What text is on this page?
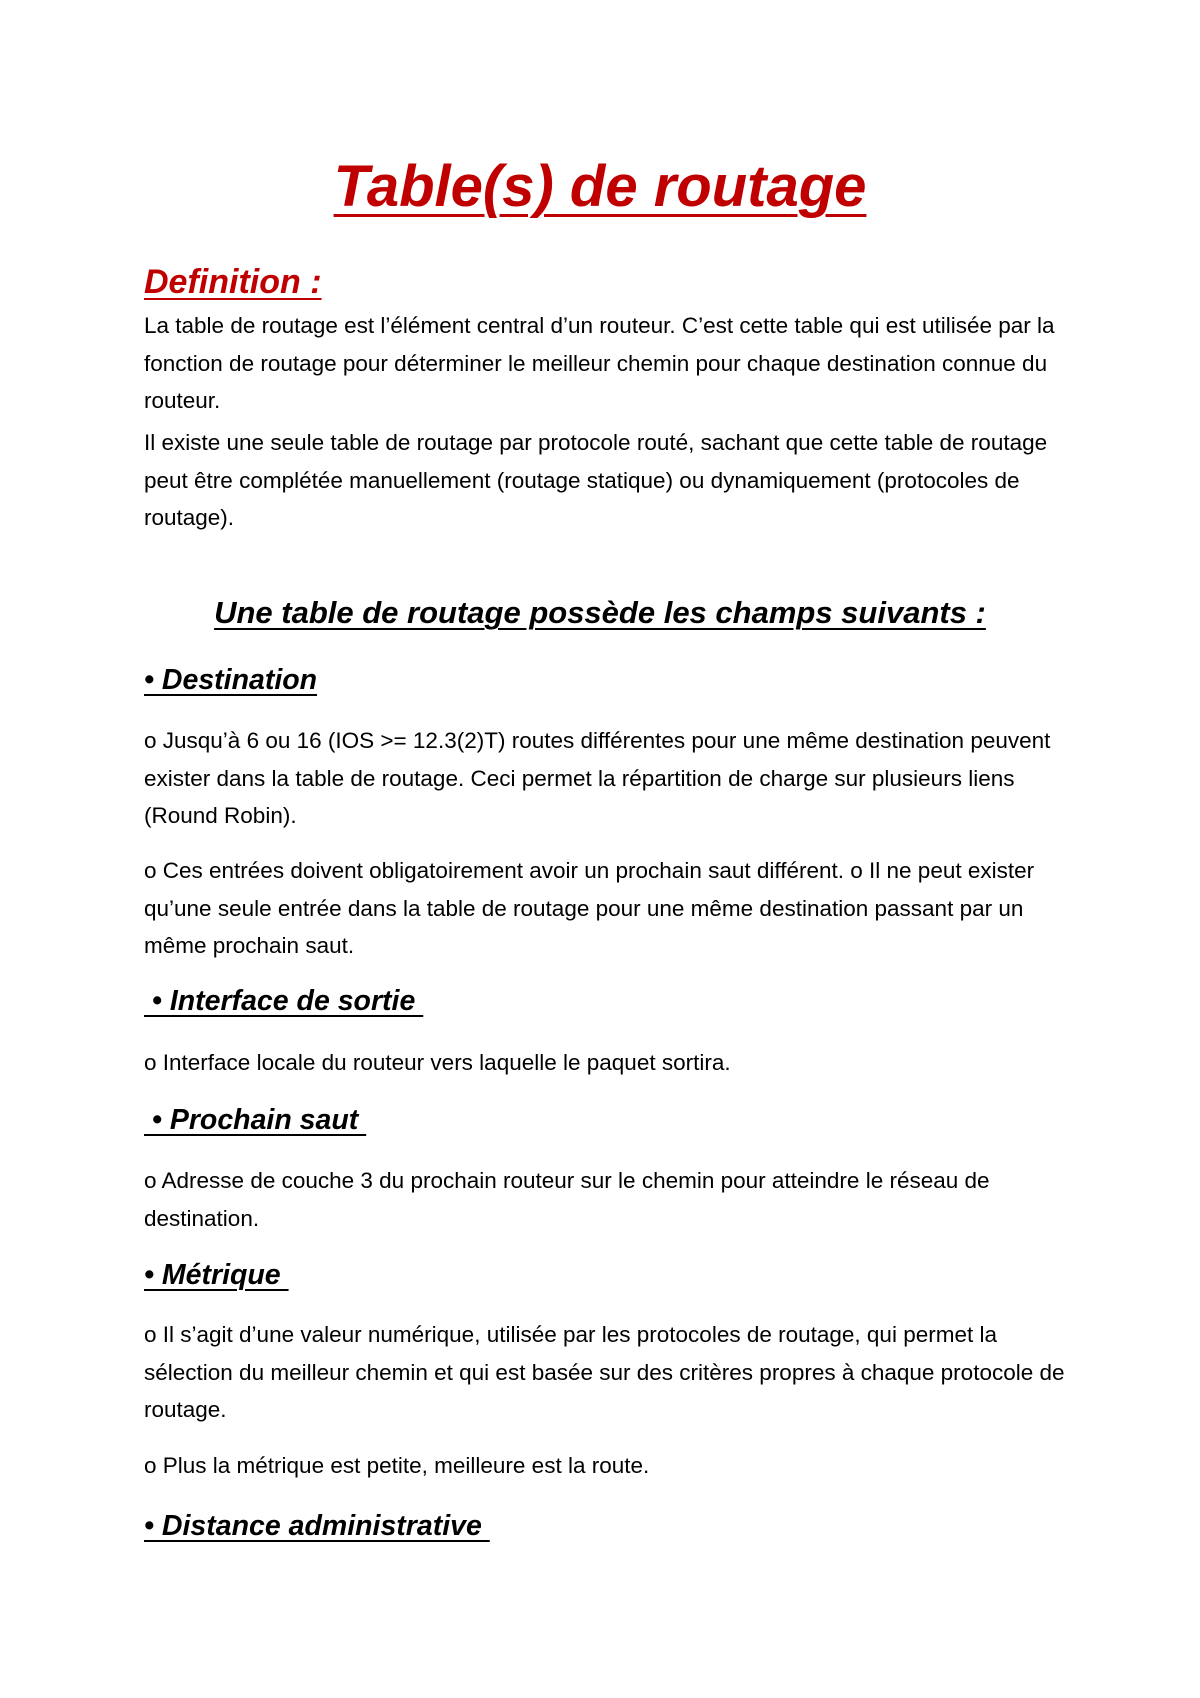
Table(s) de routage
Definition :

La table de routage est l’élément central d’un routeur. C’est cette table qui est utilisée par la fonction de routage pour déterminer le meilleur chemin pour chaque destination connue du routeur.

Il existe une seule table de routage par protocole routé, sachant que cette table de routage peut être complétée manuellement (routage statique) ou dynamiquement (protocoles de routage).

Une table de routage possède les champs suivants :
• Destination

o Jusqu’à 6 ou 16 (IOS >= 12.3(2)T) routes différentes pour une même destination peuvent exister dans la table de routage. Ceci permet la répartition de charge sur plusieurs liens (Round Robin).

o Ces entrées doivent obligatoirement avoir un prochain saut différent. o Il ne peut exister qu’une seule entrée dans la table de routage pour une même destination passant par un même prochain saut.

• Interface de sortie

o Interface locale du routeur vers laquelle le paquet sortira.

• Prochain saut

o Adresse de couche 3 du prochain routeur sur le chemin pour atteindre le réseau de destination.

• Métrique

o Il s’agit d’une valeur numérique, utilisée par les protocoles de routage, qui permet la sélection du meilleur chemin et qui est basée sur des critères propres à chaque protocole de routage.

o Plus la métrique est petite, meilleure est la route.

• Distance administrative
